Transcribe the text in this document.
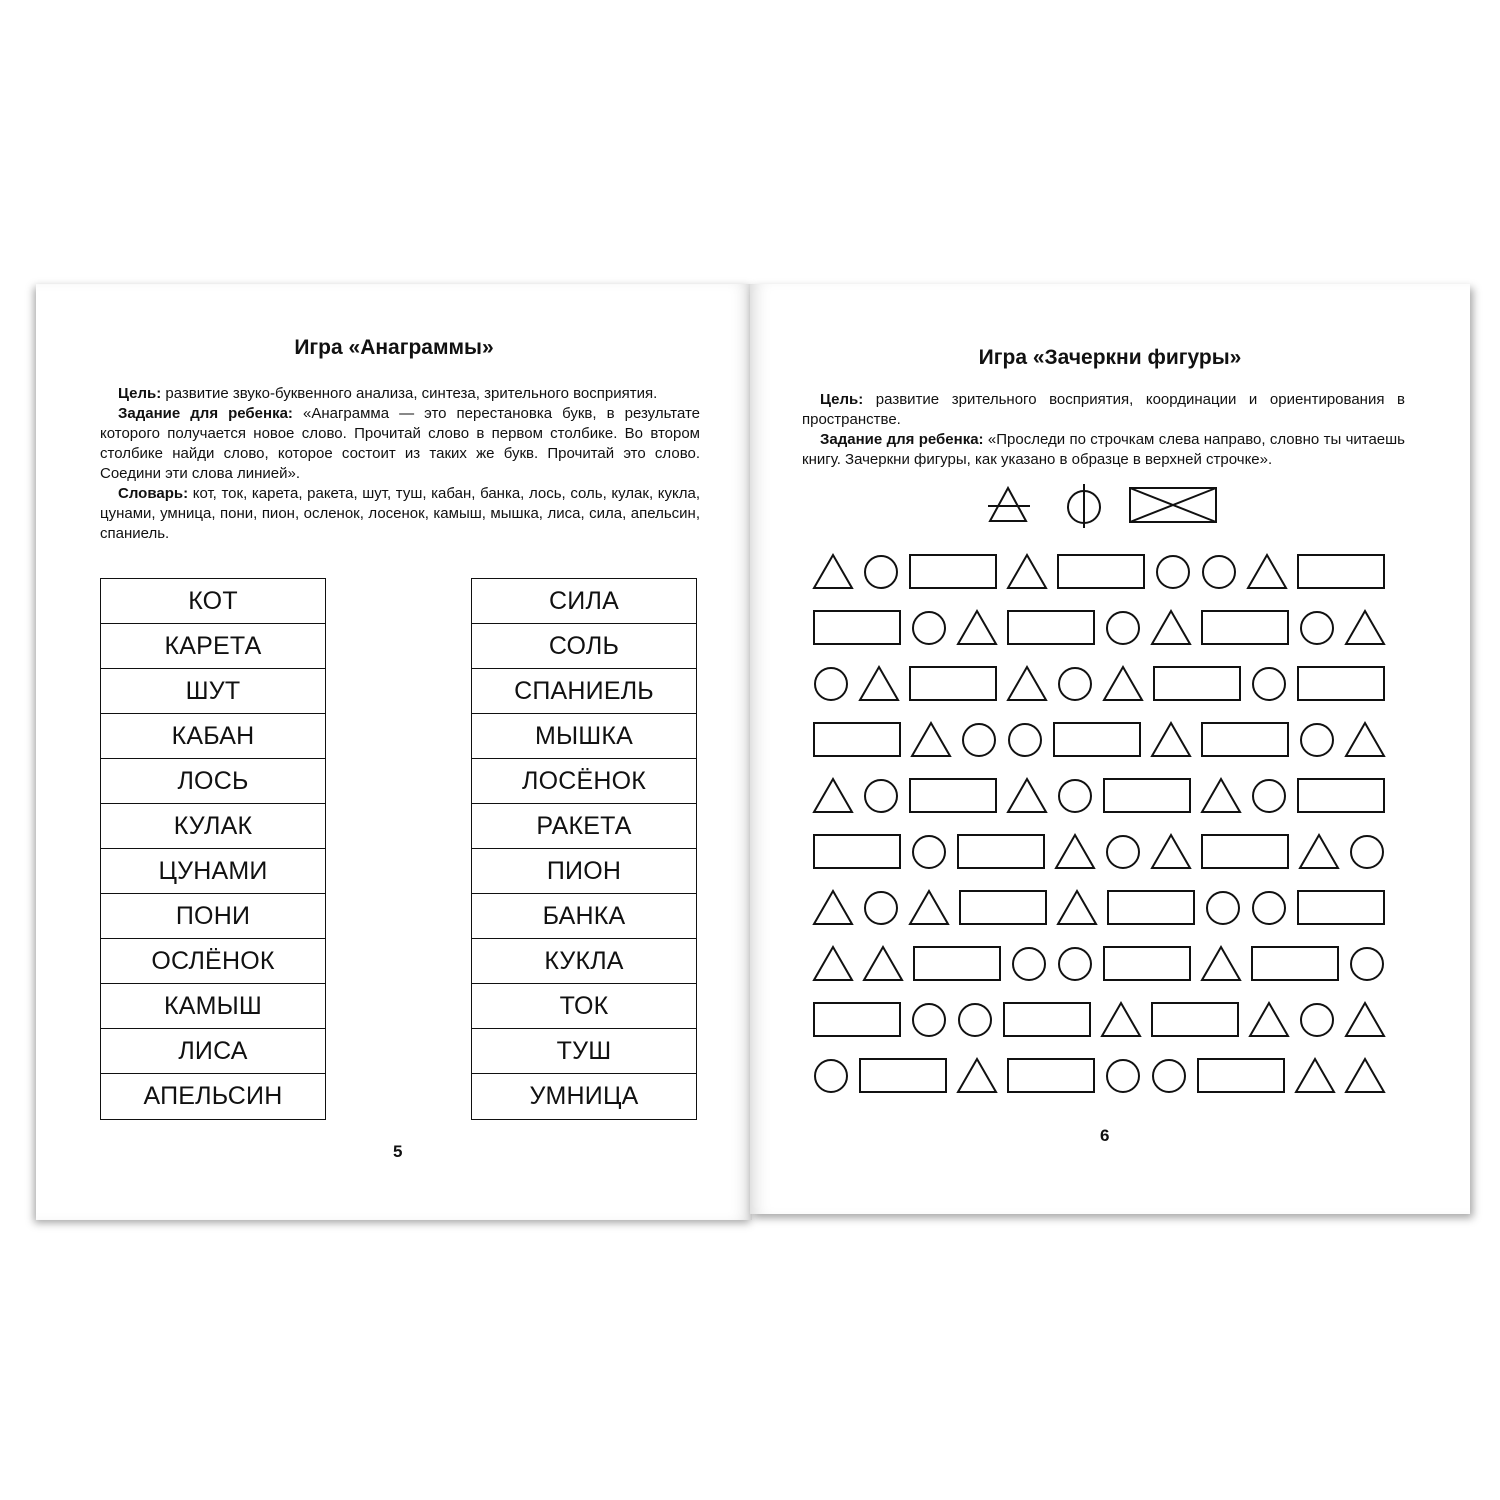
Игра «Анаграммы»

Цель: развитие звуко-буквенного анализа, синтеза, зрительного восприятия.

Задание для ребенка: «Анаграмма — это перестановка букв, в результате которого получается новое слово. Прочитай слово в первом столбике. Во втором столбике найди слово, которое состоит из таких же букв. Прочитай это слово. Соедини эти слова линией».

Словарь: кот, ток, карета, ракета, шут, туш, кабан, банка, лось, соль, кулак, кукла, цунами, умница, пони, пион, осленок, лосенок, камыш, мышка, лиса, сила, апельсин, спаниель.

КОТ
КАРЕТА
ШУТ
КАБАН
ЛОСЬ
КУЛАК
ЦУНАМИ
ПОНИ
ОСЛЁНОК
КАМЫШ
ЛИСА
АПЕЛЬСИН
СИЛА
СОЛЬ
СПАНИЕЛЬ
МЫШКА
ЛОСЁНОК
РАКЕТА
ПИОН
БАНКА
КУКЛА
ТОК
ТУШ
УМНИЦА
5
Игра «Зачеркни фигуры»

Цель: развитие зрительного восприятия, координации и ориентирования в пространстве.

Задание для ребенка: «Проследи по строчкам слева направо, словно ты читаешь книгу. Зачеркни фигуры, как указано в образце в верхней строчке».

6
